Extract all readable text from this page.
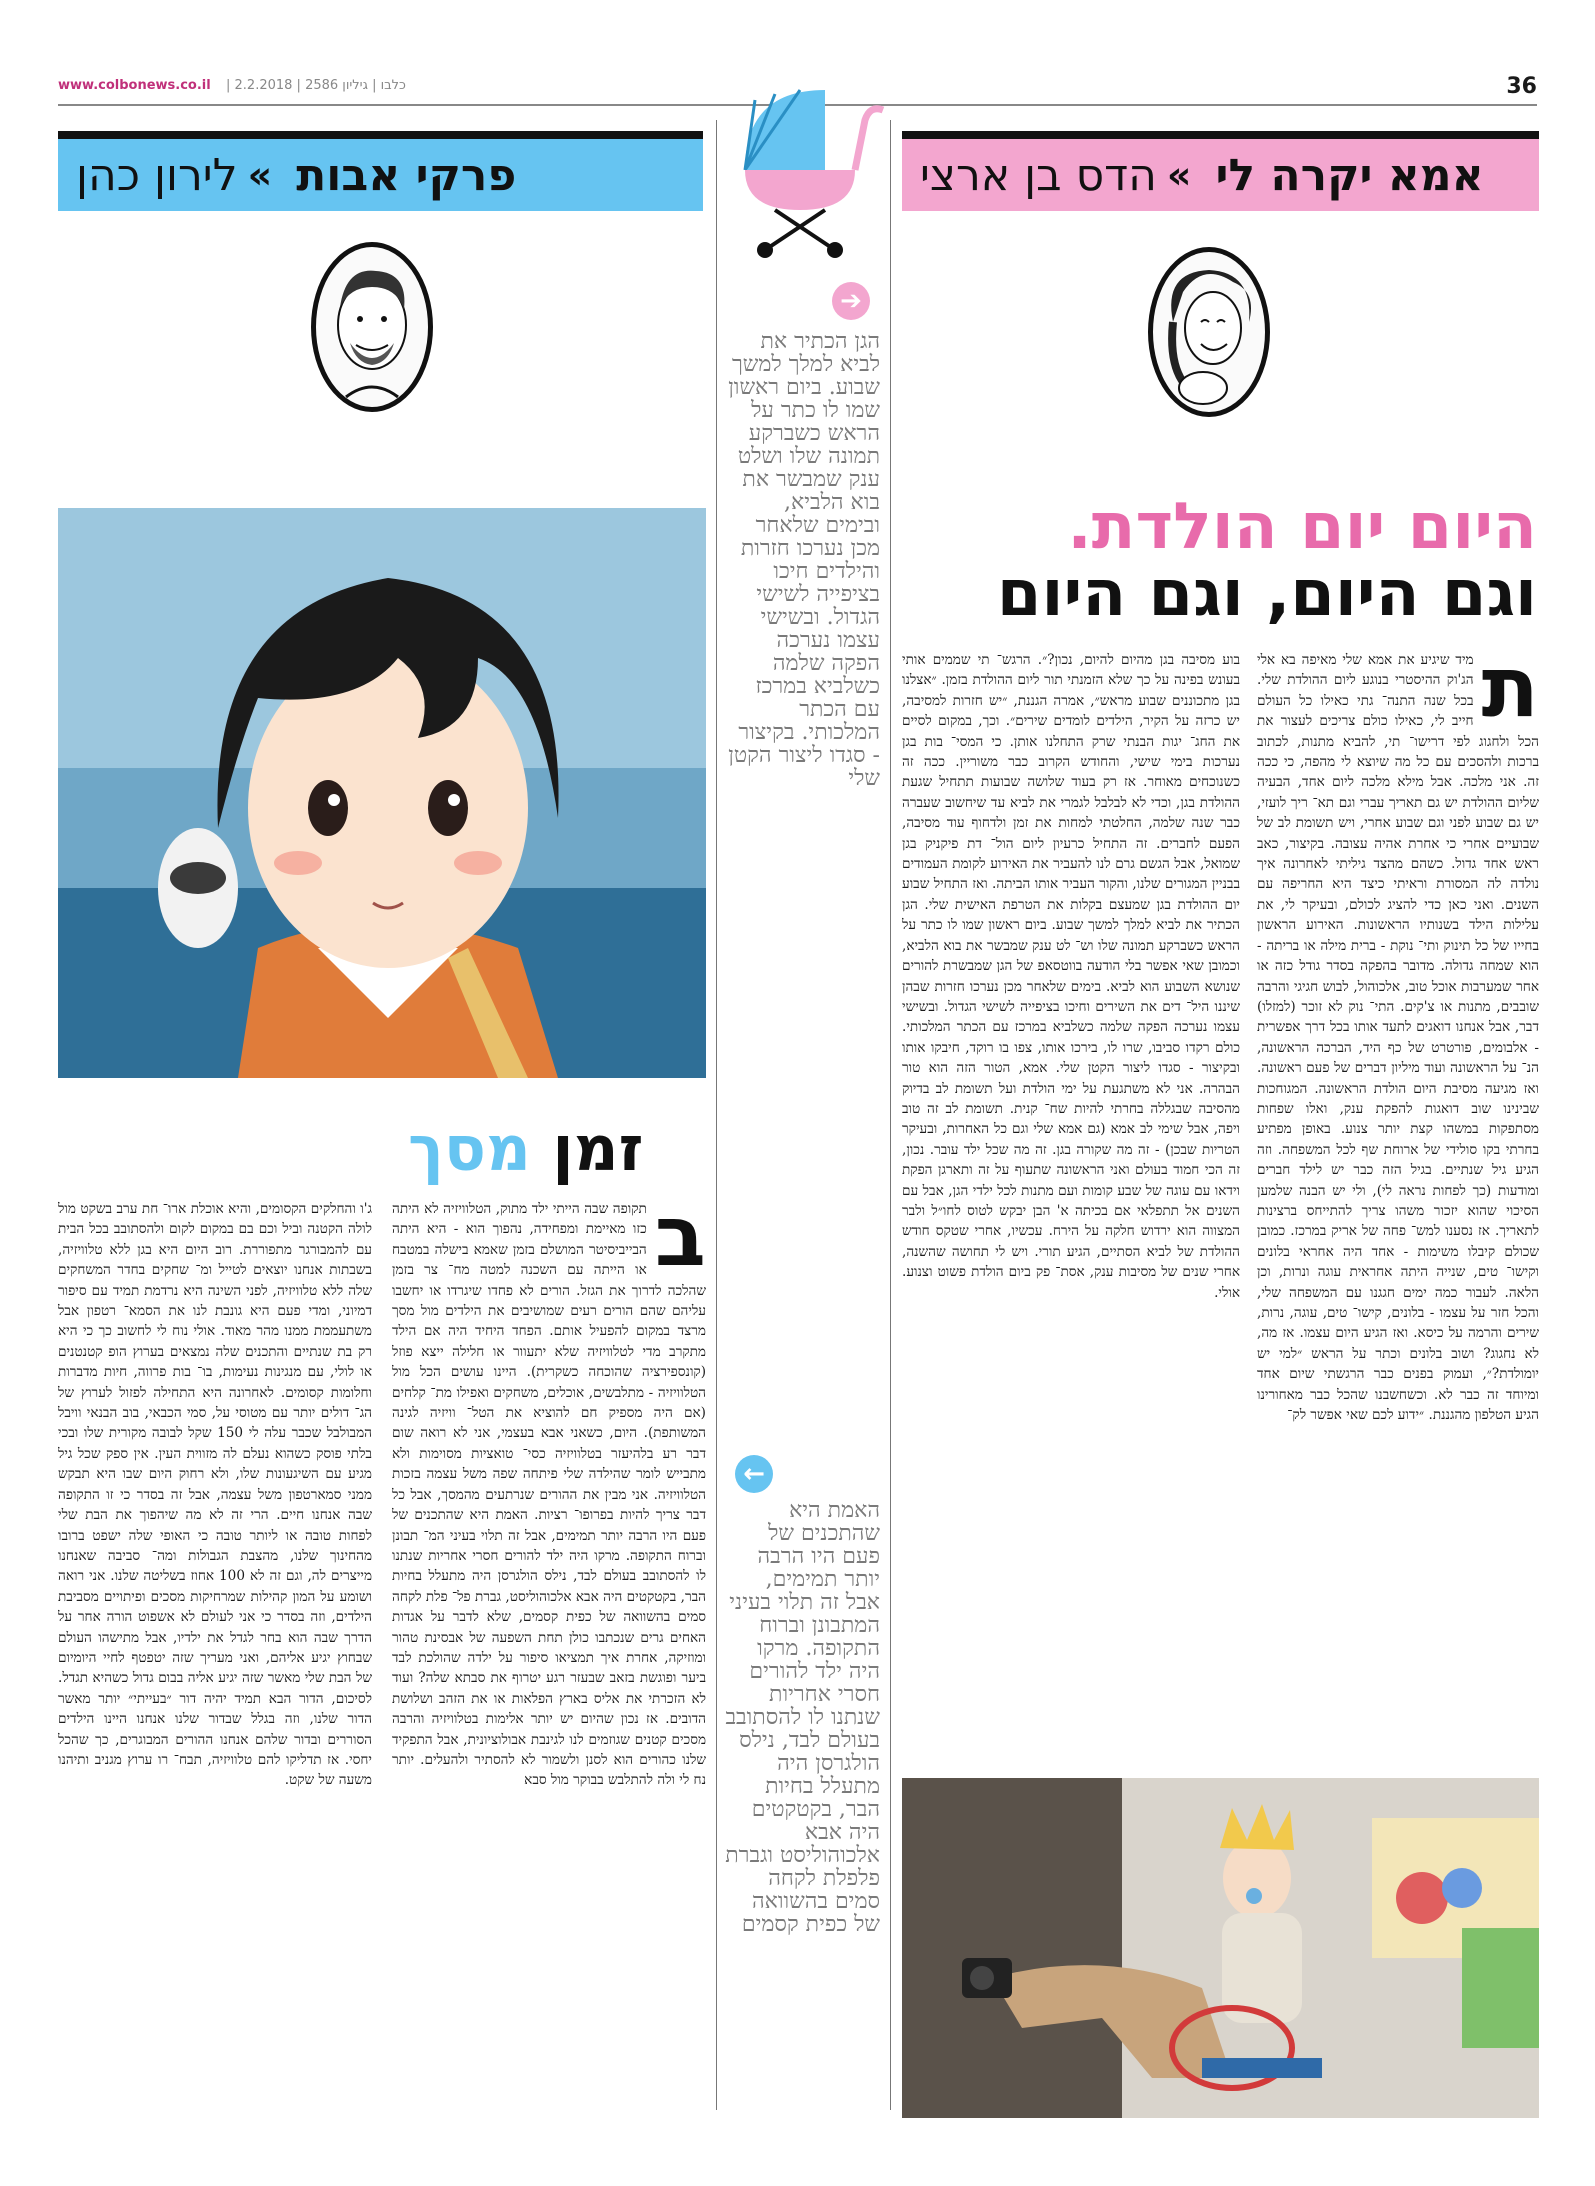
www.colbonews.co.il | כלבו | גיליון 2586 | 2.2.2018	36
פרקי אבות
»
לירון כהן	אמא יקרה לי
»
הדס בן ארצי
➔
הגן הכתיר את לביא למלך למשך שבוע. ביום ראשון שמו לו כתר על הראש כשברקע תמונה שלו ושלט ענק שמבשר את בוא הלביא, ובימים שלאחר מכן נערכו חזרות והילדים חיכו בציפייה לשישי הגדול. ובשישי עצמו נערכה הפקה שלמה כשלביא במרכז עם הכתר המלכותי. בקיצור - סגדו ליצור הקטן שלי
←
האמת היא שהתכנים של פעם היו הרבה יותר תמימים, אבל זה תלוי בעיני המתבונן וברוח התקופה. מרקו היה ילד להורים חסרי אחריות שנתנו לו להסתובב בעולם לבד, נילס הולגרסן היה מתעלל בחיות הבר, בקטקטים היה אבא אלכוהוליסט וגברת פלפלת לקחה סמים בהשוואה של כפית קסמים
היום יום הולדת.
וגם היום, וגם היום
זמן מסך
ת

מיד שיגיע את אמא שלי מאיפה בא אלי הג'וק ההיסטרי בנוגע ליום ההולדת שלי. בכל שנה התנה־ גתי כאילו כל העולם חייב לי, כאילו כולם צריכים לעצור את הכל ולחגוג לפי דרישו־ תי, להביא מתנות, לכתוב ברכות ולהסכים עם כל מה שיוצא לי מהפה, כי ככה זה. אני מלכה. אבל מילא מלכה ליום אחד, הבעיה שליום ההולדת יש גם תאריך עברי וגם תא־ ריך לועזי, יש גם שבוע לפני וגם שבוע אחרי, ויש תשומת לב של שבועיים אחרי כי אחרת אהיה עצובה. בקיצור, כאב ראש אחד גדול. כשהם מהצד גיליתי לאחרונה איך נולדה לה המסורת וראיתי כיצד היא החריפה עם השנים. ואני כאן כדי להציג לכולם, ובעיקר לי, את עלילות הילד בשנותיו הראשונות. האירוע הראשון בחייו של כל תינוק ותי־ נוקת - ברית מילה או בריתה - הוא שמחה גדולה. מדובר בהפקה בסדר גודל כזה או אחר שמערבות אוכל טוב, אלכוהול, לבוש חגיגי והרבה שובבים, מתנות או צ'קים. התי־ נוק לא זוכר (למזלו) דבר, אבל אנחנו דואגים לתעד אותו בכל דרך אפשרית - אלבומים, פורטרט של כף היד, הברכה הראשונה, הנ־ על הראשונה ועוד מיליון דברים של פעם ראשונה. ואז מגיעה מסיבת היום הולדת הראשונה. המגוחכות שבינינו שוב דואגות להפקת ענק, ואלו שפחות מסתפקות במשהו קצת יותר צנוע. באופן מפתיע בחרתי בקו סולידי של ארוחת שף לכל המשפחה. וזה הגיע גיל שנתיים. בגיל הזה כבר יש לילד חברים ומודעות (כך לפחות נראה לי), ולי יש הבנה שלמען הסיכוי שהוא יזכור משהו צריך להתייחס ברצינות לתאריך. אז נסענו למש־ פחה של אריק במרכז. כמובן שכולם קיבלו משימות - אחד היה אחראי בלונים וקישו־ טים, שנייה היתה אחראית עוגה ונרות, וכן הלאה. לעבור כמה ימים חגגנו עם המשפחה שלי, והכל חזר על עצמו - בלונים, קישו־ טים, עוגה, נרות, שירים והרמה על כיסא. ואז הגיע היום עצמו. אז מה, לא נחגוג? ושוב בלונים וכתר על הראש ״למי יש יומולדת?״, ועמוק בפנים כבר הרגשתי שיום אחד ומיוחד זה כבר לא. וכשחשבנו שהכל כבר מאחורינו הגיע הטלפון מהגננת. ״ידוע לכם שאי אפשר לק־

בוע מסיבה בגן מהיום להיום, נכון?״. הרגש־ תי שממים אותי בעונש בפינה על כך שלא הזמנתי תור ליום ההולדת בזמן. ״אצלנו בגן מתכוננים שבוע מראש״, אמרה הגננת, ״יש חזרות למסיבה, יש כרזה על הקיר, הילדים לומדים שירים״. וכך, במקום לסיים את החג־ יגות הבנתי שרק התחלנו אותן. כי המסי־ בות בגן נערכות בימי שישי, והחודש הקרוב כבר משוריין. ככה זה כשנוכחים מאוחר. אז רק בעוד שלושה שבועות תתחיל שגעת ההולדת בגן, וכדי לא לבלבל לגמרי את לביא עד שיחשוב שעברה כבר שנה שלמה, החלטתי למחות את זמן ולדחוף עוד מסיבה, הפעם לחברים. זה התחיל כרעיון ליום הול־ דת פיקניק בגן שמואל, אבל הגשם גרם לנו להעביר את האירוע לקומת העמודים בבניין המגורים שלנו, והקור העביר אותו הביתה. ואז התחיל שבוע יום ההולדת בגן שמעצם בקלות את הטרפת האישית שלי. הגן הכתיר את לביא למלך למשך שבוע. ביום ראשון שמו לו כתר על הראש כשברקע תמונה שלו וש־ לט ענק שמבשר את בוא הלביא, וכמובן שאי אפשר בלי הודעה בווטסאפ של הגן שמבשרת להורים שנושא השבוע הוא לביא. בימים שלאחר מכן נערכו חזרות שבהן שיננו היל־ דים את השירים וחיכו בציפייה לשישי הגדול. ובשישי עצמו נערכה הפקה שלמה כשלביא במרכז עם הכתר המלכותי. כולם רקדו סביבו, שרו לו, בירכו אותו, צפו בו רוקד, חיבקו אותו ובקיצור - סגדו ליצור הקטן שלי. אמא, הטור הזה הוא טור הבהרה. אני לא משתגעת על ימי הולדת ועל תשומת לב בדיוק מהסיבה שבגללה בחרתי להיות שח־ קנית. תשומת לב זה טוב ויפה, אבל שימי לב אמא (גם אמא שלי וגם כל האחרות, ובעיקר הטריות שבכן) - זה מה שקורה בגן. זה מה שכל ילד עובר. נכון, זה הכי חמוד בעולם ואני הראשונה שתעוף על זה ותארגן הפקת וידאו עם עוגה של שבע קומות ועם מתנות לכל ילדי הגן, אבל עם השנים אל תתפלאי אם בכיתה א' הבן יבקש לטוס לחו״ל ולבר המצווה הוא ירדוש חלקה על הירח. עכשיו, אחרי שטקס חודש ההולדת של לביא הסתיים, הגיע תורי. ויש לי תחושה שהשנה, אחרי שנים של מסיבות ענק, אסת־ פק ביום הולדת פשוט וצנוע. אולי.

ב

תקופה שבה הייתי ילד מתוק, הטלוויזיה לא היתה כזו מאיימת ומפחידה, נהפוך הוא - היא היתה הבייביסיטר המושלם בזמן שאמא בישלה במטבח או הייתה עם השכנה למטה מח־ צר בזמן שהלכה לדרוך את הגזל. הורים לא פחדו שיגרדו או יחשבו עליהם שהם הורים רעים שמושיבים את הילדים מול מסך מרצד במקום להפעיל אותם. הפחד היחיד היה אם הילד מתקרב מדי לטלוויזיה שלא יתעוור או חלילה ייצא פוזל (קונספירציה שהוכחה כשקרית). היינו עושים הכל מול הטלוויזיה - מתלבשים, אוכלים, משחקים ואפילו מת־ קלחים (אם היה מספיק חם להוציא את הטל־ וויזיה לגינה המשותפת). היום, כשאני אבא בעצמי, אני לא רואה שום דבר רע בלהיעזר בטלוויזיה כסי־ טואציות מסוימות ולא מתבייש לומר שהילדה שלי פיתחה שפה משל עצמה בזכות הטלוויזיה. אני מבין את ההורים שנרתעים מהמסך, אבל כל דבר צריך להיות בפרופו־ רציות. האמת היא שהתכנים של פעם היו הרבה יותר תמימים, אבל זה תלוי בעיני המ־ תבונן וברוח התקופה. מרקו היה ילד להורים חסרי אחריות שנתנו לו להסתובב בעולם לבד, נילס הולגרסן היה מתעלל בחיות הבר, בקטקטים היה אבא אלכוהוליסט, גברת פל־ פלת לקחה סמים בהשוואה של כפית קסמים, שלא לדבר על אגדות האחים גרים שנכתבו כולן תחת השפעה של אבסינת טהור ומוזיקה, אחרת איך תמציאו סיפור על ילדה שהולכת לבד ביער ופוגשת בזאב שבעזר רגע יטרוף את סבתא שלה? ועוד לא הזכרתי את אליס בארץ הפלאות או את הזהב ושלושת הדובים. אז נכון שהיום יש יותר אלימות בטלוויזיה והרבה מסכים קטנים שגוזמים לנו לגינבת אבולוציונית, אבל התפקיד שלנו כהורים הוא לסנן ולשמור לא להסתיר ולהעלים. יותר נח לי ולה להתלבש בבוקר מול סבא

ג'ו והחלקים הקסומים, והיא אוכלת ארו־ חת ערב בשקט מול לולה הקטנה וביל וכם בם במקום לקום ולהסתובב בכל הבית עם להמבורגר מתפוררת. רוב היום היא בגן ללא טלוויזיה, בשבתות אנחנו יוצאים לטייל ומ־ שחקים בחדר המשחקים שלה ללא טלוויזיה, לפני השינה היא נרדמת תמיד עם סיפור דמיוני, ומדי פעם היא גונבת לנו את הסמא־ רטפון אבל משתעממת ממנו מהר מאוד. אולי נוח לי לחשוב כך כי היא רק בת שנתיים והתכנים שלה נמצאים בערוץ הופ קטנטנים או לולי, עם מנגינות נעימות, בו־ בות פרווה, חיות מדברות וחלומות קסומים. לאחרונה היא התחילה לפזול לערוץ של הג־ דולים יותר עם מטוסי על, סמי הכבאי, בוב הבנאי וויבל המבולבל שכבר עלה לי 150 שקל לבובה מקורית שלו ובכי בלתי פוסק כשהוא נעלם לה מזווית העין. אין ספק שכל גיל מגיע עם השיגעונות שלו, ולא רחוק היום שבו היא תבקש ממני סמארטפון משל עצמה, אבל זה בסדר כי זו התקופה שבה אנחנו חיים. הרי זה לא מה שיהפוך את הבת שלי לפחות טובה או ליותר טובה כי האופי שלה ישפט ברובו מהחינוך שלנו, מהצבת הגבולות ומה־ סביבה שאנחנו מייצרים לה, וגם זה לא 100 אחוז בשליטה שלנו. אני רואה ושומע על המון קהילות שמרחיקות מסכים ופיתויים מסביבת הילדים, וזה בסדר כי אני לעולם לא אשפוט הורה אחר על הדרך שבה הוא בחר לגדל את ילדיו, אבל מתישהו העולם שבחוץ יגיע אליהם, ואני מעריך שזה יטפטף לחיי היומיום של הבת שלי מאשר שזה יגיע אליה בבום גדול כשהיא תגדל. לסיכום, הדור הבא תמיד יהיה דור ״בעייתי״ יותר מאשר הדור שלנו, וזה בגלל שבדור שלנו אנחנו היינו הילדים הסוררים ובדור שלהם אנחנו ההורים המבוגרים, כך שהכל יחסי. אז תדליקו להם טלוויזיה, תבח־ רו ערוץ מגניב ותיהנו משעה של שקט.
